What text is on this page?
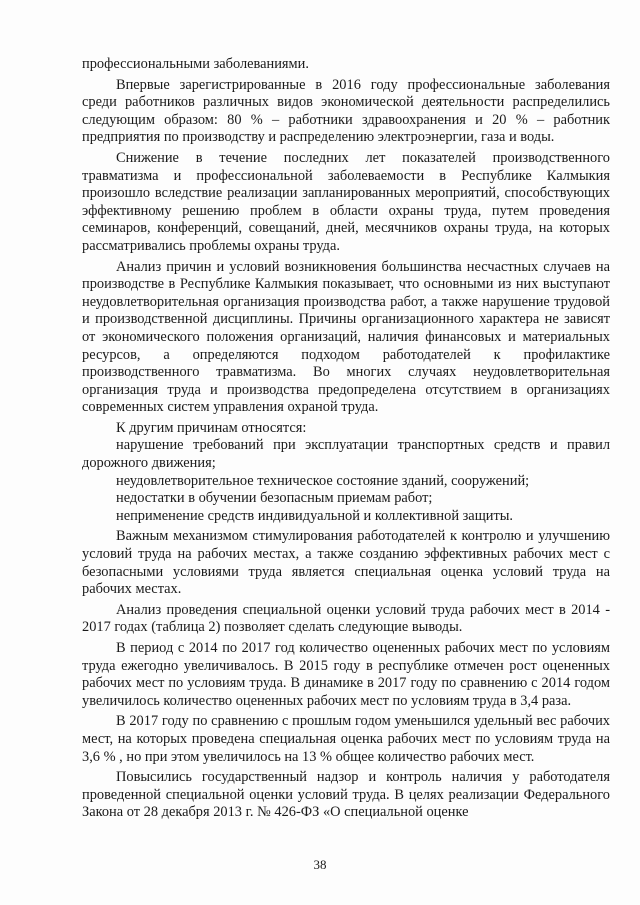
профессиональными заболеваниями.

Впервые зарегистрированные в 2016 году профессиональные заболевания среди работников различных видов экономической деятельности распределились следующим образом: 80 % – работники здравоохранения и 20 % – работник предприятия по производству и распределению электроэнергии, газа и воды.

Снижение в течение последних лет показателей производственного травматизма и профессиональной заболеваемости в Республике Калмыкия произошло вследствие реализации запланированных мероприятий, способствующих эффективному решению проблем в области охраны труда, путем проведения семинаров, конференций, совещаний, дней, месячников охраны труда, на которых рассматривались проблемы охраны труда.

Анализ причин и условий возникновения большинства несчастных случаев на производстве в Республике Калмыкия показывает, что основными из них выступают неудовлетворительная организация производства работ, а также нарушение трудовой и производственной дисциплины. Причины организационного характера не зависят от экономического положения организаций, наличия финансовых и материальных ресурсов, а определяются подходом работодателей к профилактике производственного травматизма. Во многих случаях неудовлетворительная организация труда и производства предопределена отсутствием в организациях современных систем управления охраной труда.

К другим причинам относятся:

нарушение требований при эксплуатации транспортных средств и правил дорожного движения;

неудовлетворительное техническое состояние зданий, сооружений;

недостатки в обучении безопасным приемам работ;

неприменение средств индивидуальной и коллективной защиты.

Важным механизмом стимулирования работодателей к контролю и улучшению условий труда на рабочих местах, а также созданию эффективных рабочих мест с безопасными условиями труда является специальная оценка условий труда на рабочих местах.

Анализ проведения специальной оценки условий труда рабочих мест в 2014 - 2017 годах (таблица 2) позволяет сделать следующие выводы.

В период с 2014 по 2017 год количество оцененных рабочих мест по условиям труда ежегодно увеличивалось. В 2015 году в республике отмечен рост оцененных рабочих мест по условиям труда. В динамике в 2017 году по сравнению с 2014 годом увеличилось количество оцененных рабочих мест по условиям труда в 3,4 раза.

В 2017 году по сравнению с прошлым годом уменьшился удельный вес рабочих мест, на которых проведена специальная оценка рабочих мест по условиям труда на 3,6 % , но при этом увеличилось на 13 % общее количество рабочих мест.

Повысились государственный надзор и контроль наличия у работодателя проведенной специальной оценки условий труда. В целях реализации Федерального Закона от 28 декабря 2013 г. № 426-ФЗ «О специальной оценке

38
